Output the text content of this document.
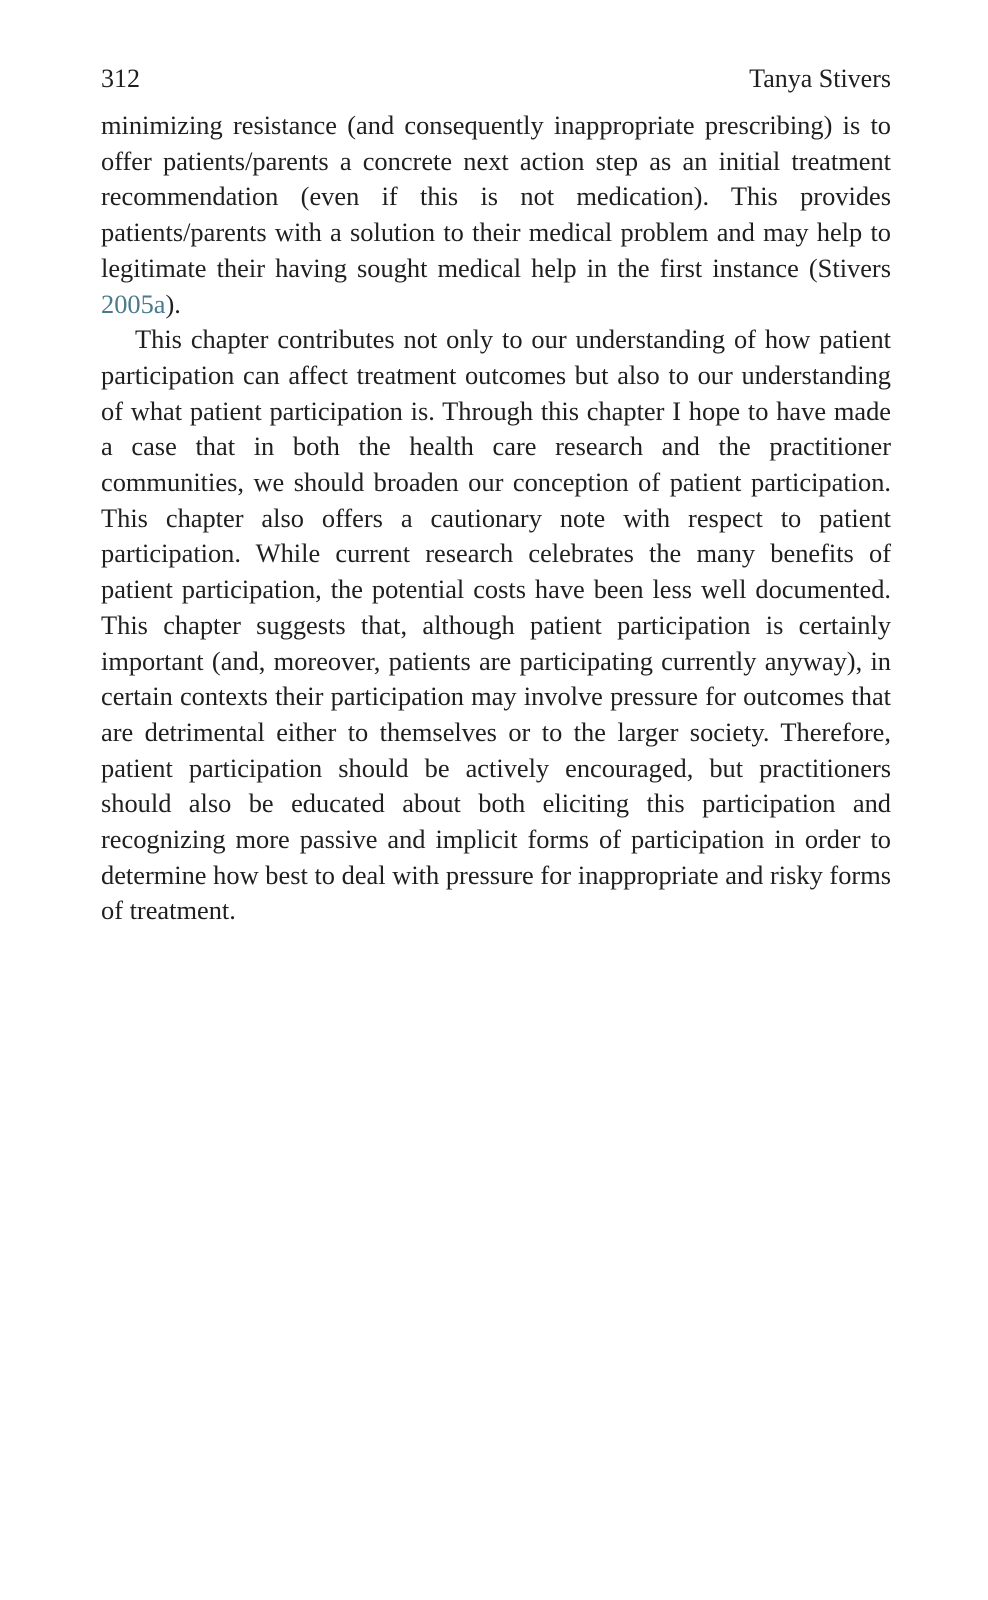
312	Tanya Stivers

minimizing resistance (and consequently inappropriate prescribing) is to offer patients/parents a concrete next action step as an initial treatment recommendation (even if this is not medication). This provides patients/parents with a solution to their medical problem and may help to legitimate their having sought medical help in the first instance (Stivers 2005a).

This chapter contributes not only to our understanding of how patient participation can affect treatment outcomes but also to our understanding of what patient participation is. Through this chapter I hope to have made a case that in both the health care research and the practitioner communities, we should broaden our conception of patient participation. This chapter also offers a cautionary note with respect to patient participation. While current research celebrates the many benefits of patient participation, the potential costs have been less well documented. This chapter suggests that, although patient participation is certainly important (and, moreover, patients are participating currently anyway), in certain contexts their participation may involve pressure for outcomes that are detrimental either to themselves or to the larger society. Therefore, patient participation should be actively encouraged, but practitioners should also be educated about both eliciting this participation and recognizing more passive and implicit forms of participation in order to determine how best to deal with pressure for inappropriate and risky forms of treatment.
